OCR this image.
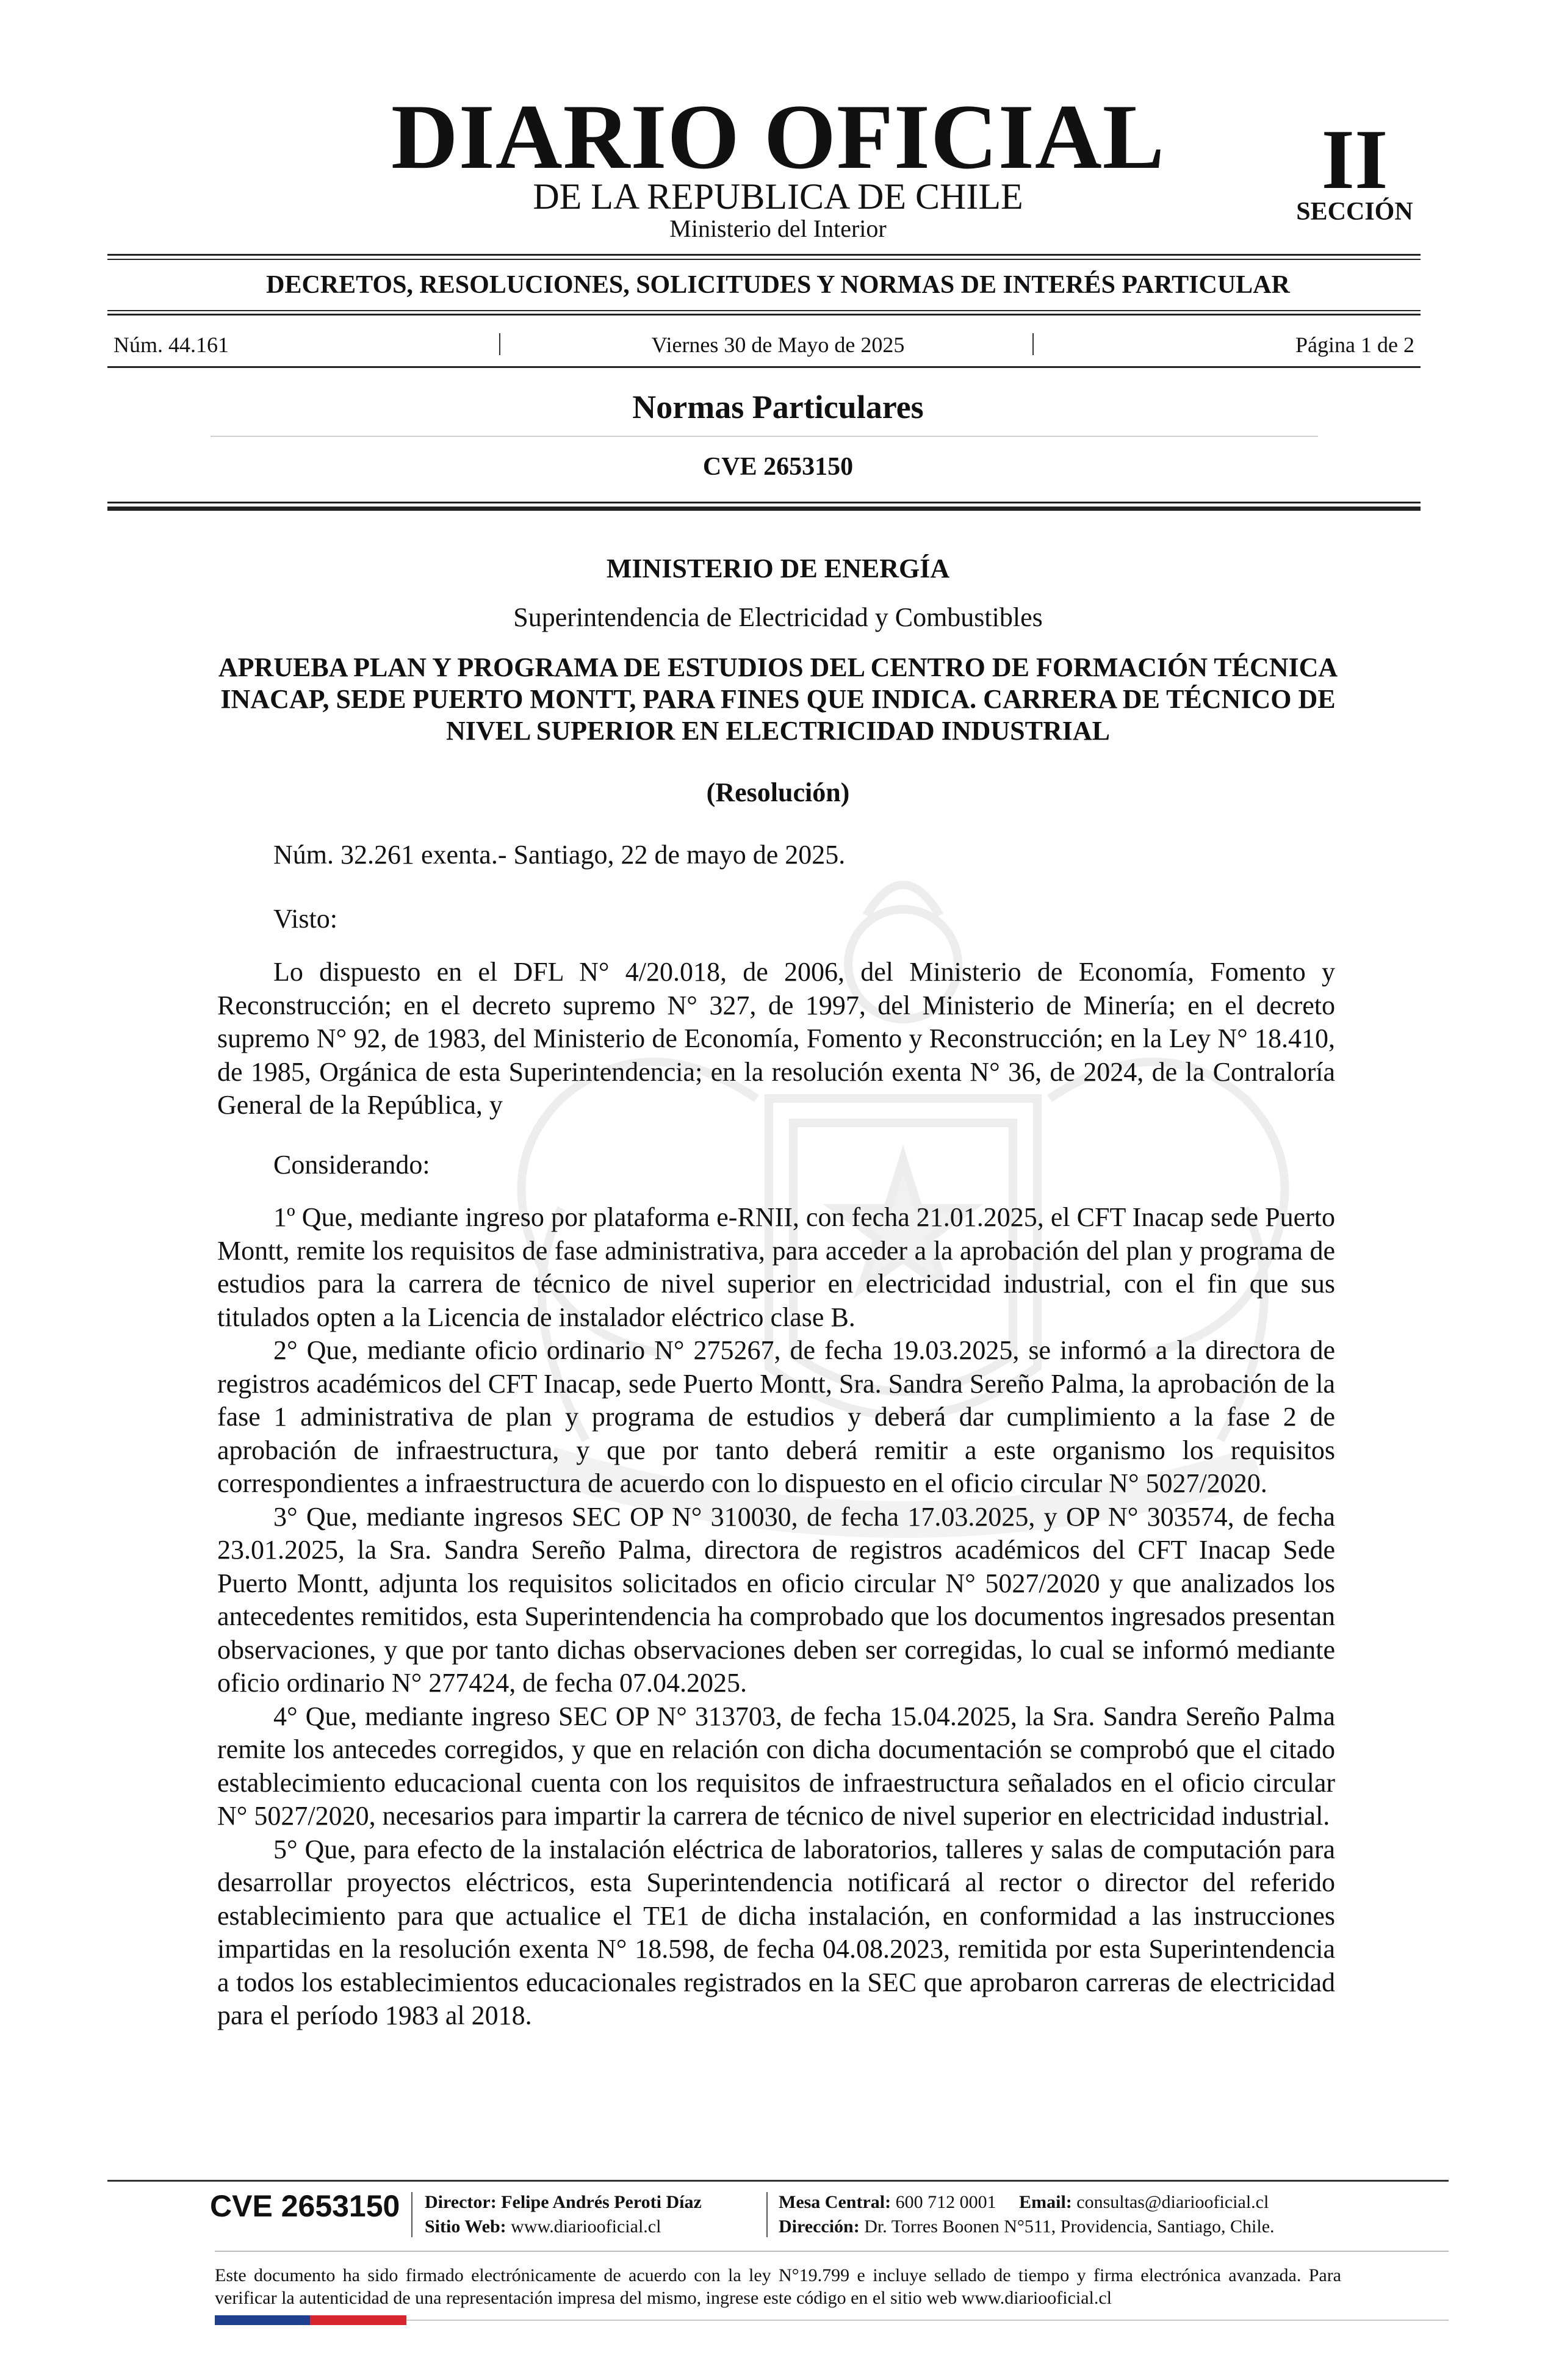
DIARIO OFICIAL
DE LA REPUBLICA DE CHILE
Ministerio del Interior
II
SECCIÓN
DECRETOS, RESOLUCIONES, SOLICITUDES Y NORMAS DE INTERÉS PARTICULAR
Núm. 44.161	Viernes 30 de Mayo de 2025	Página 1 de 2
Normas Particulares
CVE 2653150
MINISTERIO DE ENERGÍA
Superintendencia de Electricidad y Combustibles
APRUEBA PLAN Y PROGRAMA DE ESTUDIOS DEL CENTRO DE FORMACIÓN TÉCNICA INACAP, SEDE PUERTO MONTT, PARA FINES QUE INDICA. CARRERA DE TÉCNICO DE NIVEL SUPERIOR EN ELECTRICIDAD INDUSTRIAL
(Resolución)
Núm. 32.261 exenta.- Santiago, 22 de mayo de 2025.
Visto:

Lo dispuesto en el DFL N° 4/20.018, de 2006, del Ministerio de Economía, Fomento y Reconstrucción; en el decreto supremo N° 327, de 1997, del Ministerio de Minería; en el decreto supremo N° 92, de 1983, del Ministerio de Economía, Fomento y Reconstrucción; en la Ley N° 18.410, de 1985, Orgánica de esta Superintendencia; en la resolución exenta N° 36, de 2024, de la Contraloría General de la República, y

Considerando:

1º Que, mediante ingreso por plataforma e-RNII, con fecha 21.01.2025, el CFT Inacap sede Puerto Montt, remite los requisitos de fase administrativa, para acceder a la aprobación del plan y programa de estudios para la carrera de técnico de nivel superior en electricidad industrial, con el fin que sus titulados opten a la Licencia de instalador eléctrico clase B.

2° Que, mediante oficio ordinario N° 275267, de fecha 19.03.2025, se informó a la directora de registros académicos del CFT Inacap, sede Puerto Montt, Sra. Sandra Sereño Palma, la aprobación de la fase 1 administrativa de plan y programa de estudios y deberá dar cumplimiento a la fase 2 de aprobación de infraestructura, y que por tanto deberá remitir a este organismo los requisitos correspondientes a infraestructura de acuerdo con lo dispuesto en el oficio circular N° 5027/2020.

3° Que, mediante ingresos SEC OP N° 310030, de fecha 17.03.2025, y OP N° 303574, de fecha 23.01.2025, la Sra. Sandra Sereño Palma, directora de registros académicos del CFT Inacap Sede Puerto Montt, adjunta los requisitos solicitados en oficio circular N° 5027/2020 y que analizados los antecedentes remitidos, esta Superintendencia ha comprobado que los documentos ingresados presentan observaciones, y que por tanto dichas observaciones deben ser corregidas, lo cual se informó mediante oficio ordinario N° 277424, de fecha 07.04.2025.

4° Que, mediante ingreso SEC OP N° 313703, de fecha 15.04.2025, la Sra. Sandra Sereño Palma remite los antecedes corregidos, y que en relación con dicha documentación se comprobó que el citado establecimiento educacional cuenta con los requisitos de infraestructura señalados en el oficio circular N° 5027/2020, necesarios para impartir la carrera de técnico de nivel superior en electricidad industrial.

5° Que, para efecto de la instalación eléctrica de laboratorios, talleres y salas de computación para desarrollar proyectos eléctricos, esta Superintendencia notificará al rector o director del referido establecimiento para que actualice el TE1 de dicha instalación, en conformidad a las instrucciones impartidas en la resolución exenta N° 18.598, de fecha 04.08.2023, remitida por esta Superintendencia a todos los establecimientos educacionales registrados en la SEC que aprobaron carreras de electricidad para el período 1983 al 2018.

CVE 2653150 Director: Felipe Andrés Peroti Díaz
Sitio Web: www.diariooficial.cl
Mesa Central: 600 712 0001 Email: consultas@diariooficial.cl
Dirección: Dr. Torres Boonen N°511, Providencia, Santiago, Chile.
Este documento ha sido firmado electrónicamente de acuerdo con la ley N°19.799 e incluye sellado de tiempo y firma electrónica avanzada. Para verificar la autenticidad de una representación impresa del mismo, ingrese este código en el sitio web www.diariooficial.cl
